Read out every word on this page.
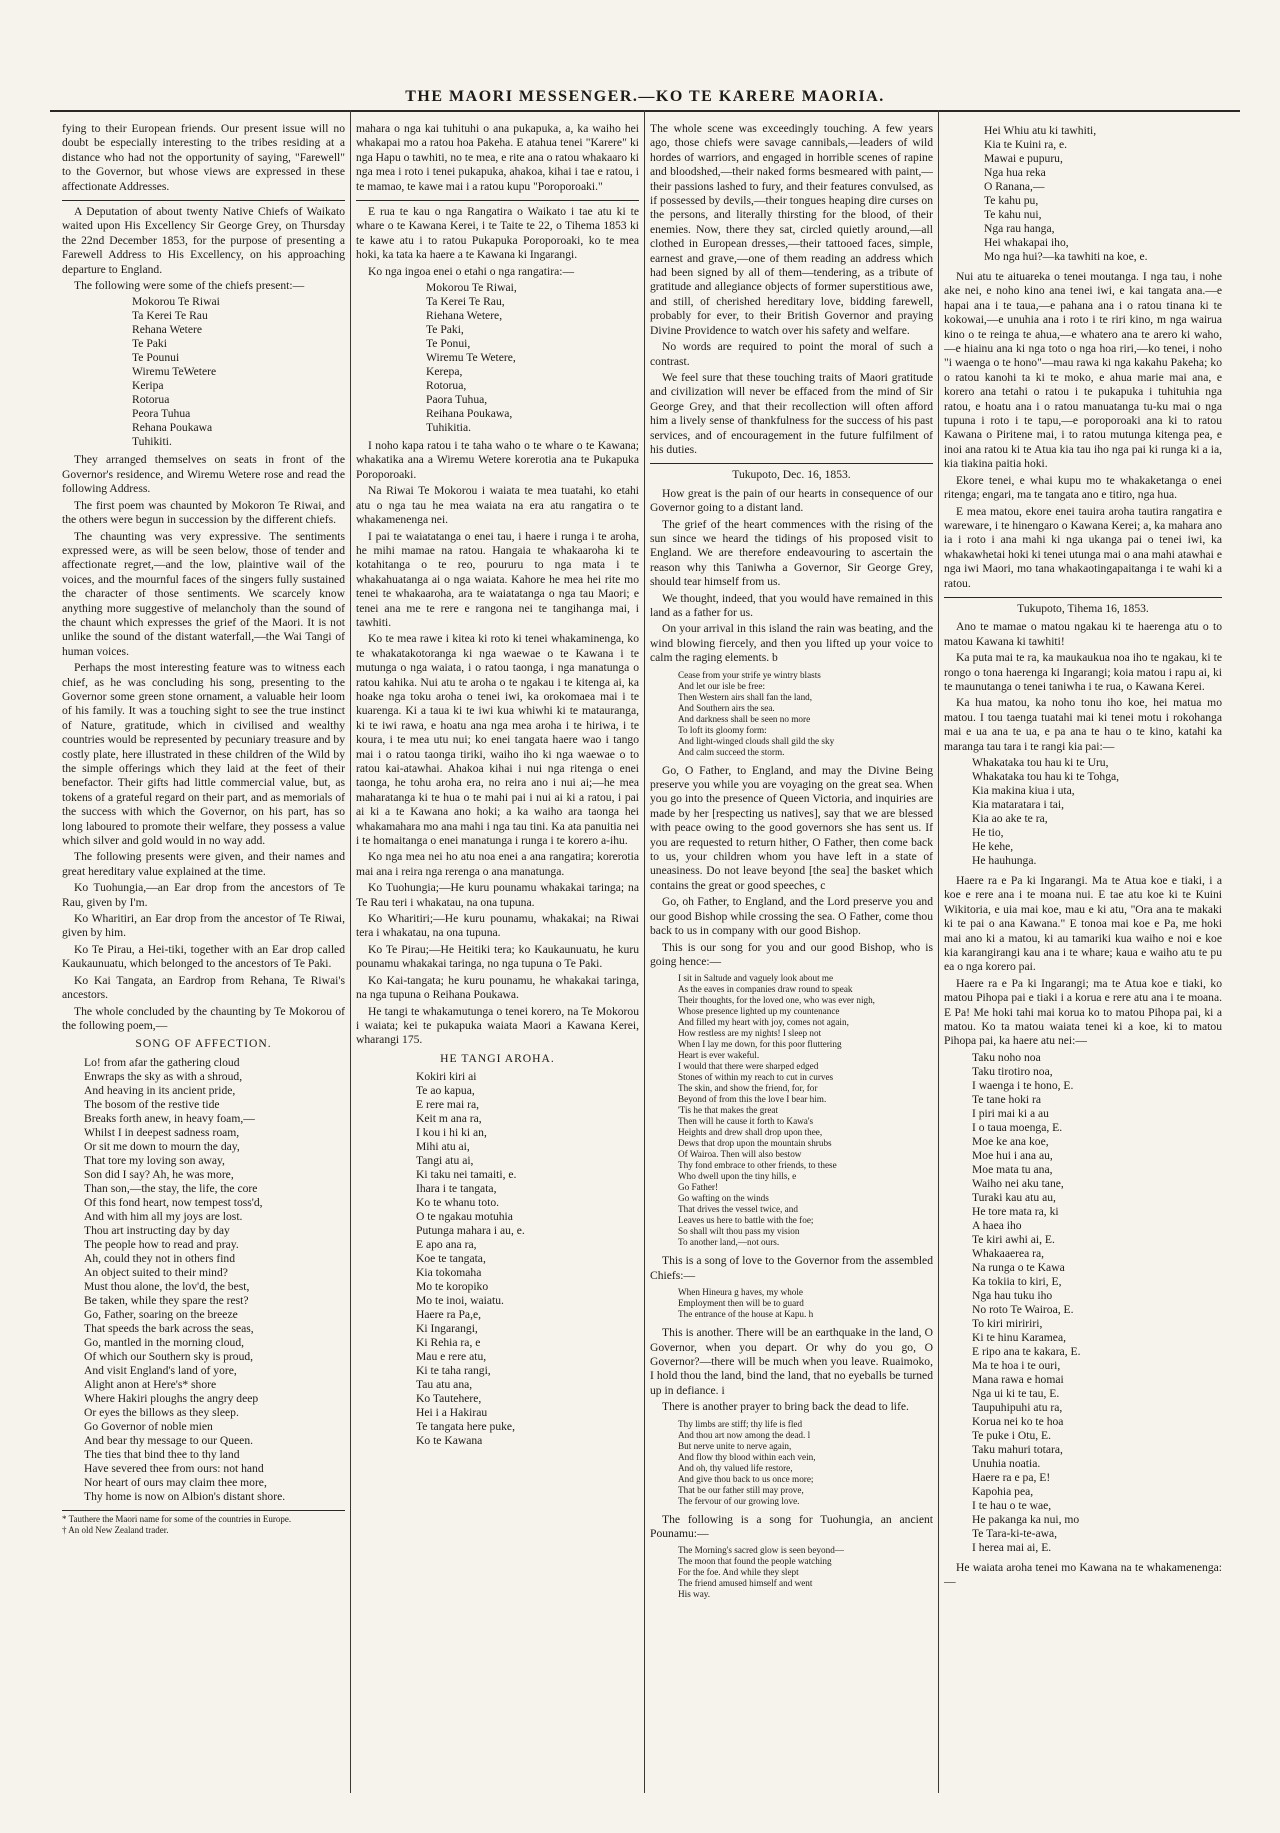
THE MAORI MESSENGER.—KO TE KARERE MAORIA.

fying to their European friends. Our present issue will no doubt be especially interesting to the tribes residing at a distance who had not the opportunity of saying, "Farewell" to the Governor, but whose views are expressed in these affectionate Addresses.

A Deputation of about twenty Native Chiefs of Waikato waited upon His Excellency Sir George Grey, on Thursday the 22nd December 1853, for the purpose of presenting a Farewell Address to His Excellency, on his approaching departure to England.

The following were some of the chiefs present:—

Mokorou Te Riwai
Ta Kerei Te Rau
Rehana Wetere
Te Paki
Te Pounui
Wiremu TeWetere
Keripa
Rotorua
Peora Tuhua
Rehana Poukawa
Tuhikiti.

They arranged themselves on seats in front of the Governor's residence, and Wiremu Wetere rose and read the following Address.

The first poem was chaunted by Mokoron Te Riwai, and the others were begun in succession by the different chiefs.

The chaunting was very expressive. The sentiments expressed were, as will be seen below, those of tender and affectionate regret,—and the low, plaintive wail of the voices, and the mournful faces of the singers fully sustained the character of those sentiments. We scarcely know anything more suggestive of melancholy than the sound of the chaunt which expresses the grief of the Maori. It is not unlike the sound of the distant waterfall,—the Wai Tangi of human voices.

Perhaps the most interesting feature was to witness each chief, as he was concluding his song, presenting to the Governor some green stone ornament, a valuable heir loom of his family. It was a touching sight to see the true instinct of Nature, gratitude, which in civilised and wealthy countries would be represented by pecuniary treasure and by costly plate, here illustrated in these children of the Wild by the simple offerings which they laid at the feet of their benefactor. Their gifts had little commercial value, but, as tokens of a grateful regard on their part, and as memorials of the success with which the Governor, on his part, has so long laboured to promote their welfare, they possess a value which silver and gold would in no way add.

The following presents were given, and their names and great hereditary value explained at the time.

Ko Tuohungia,—an Ear drop from the ancestors of Te Rau, given by I'm.

Ko Wharitiri, an Ear drop from the ancestor of Te Riwai, given by him.

Ko Te Pirau, a Hei-tiki, together with an Ear drop called Kaukaunuatu, which belonged to the ancestors of Te Paki.

Ko Kai Tangata, an Eardrop from Rehana, Te Riwai's ancestors.

The whole concluded by the chaunting by Te Mokorou of the following poem,—

SONG OF AFFECTION.
Lo! from afar the gathering cloud
Enwraps the sky as with a shroud,
And heaving in its ancient pride,
The bosom of the restive tide
Breaks forth anew, in heavy foam,—
Whilst I in deepest sadness roam,
Or sit me down to mourn the day,
That tore my loving son away,
Son did I say? Ah, he was more,
Than son,—the stay, the life, the core
Of this fond heart, now tempest toss'd,
And with him all my joys are lost.
Thou art instructing day by day
The people how to read and pray.
Ah, could they not in others find
An object suited to their mind?
Must thou alone, the lov'd, the best,
Be taken, while they spare the rest?
Go, Father, soaring on the breeze
That speeds the bark across the seas,
Go, mantled in the morning cloud,
Of which our Southern sky is proud,
And visit England's land of yore,
Alight anon at Here's* shore
Where Hakiri ploughs the angry deep
Or eyes the billows as they sleep.
Go Governor of noble mien
And bear thy message to our Queen.
The ties that bind thee to thy land
Have severed thee from ours: not hand
Nor heart of ours may claim thee more,
Thy home is now on Albion's distant shore.
* Tauthere the Maori name for some of the countries in Europe.
† An old New Zealand trader.

mahara o nga kai tuhituhi o ana pukapuka, a, ka waiho hei whakapai mo a ratou hoa Pakeha. E atahua tenei "Karere" ki nga Hapu o tawhiti, no te mea, e rite ana o ratou whakaaro ki nga mea i roto i tenei pukapuka, ahakoa, kihai i tae e ratou, i te mamao, te kawe mai i a ratou kupu "Poroporoaki."

E rua te kau o nga Rangatira o Waikato i tae atu ki te whare o te Kawana Kerei, i te Taite te 22, o Tihema 1853 ki te kawe atu i to ratou Pukapuka Poroporoaki, ko te mea hoki, ka tata ka haere a te Kawana ki Ingarangi.

Ko nga ingoa enei o etahi o nga rangatira:—

Mokorou Te Riwai,
Ta Kerei Te Rau,
Riehana Wetere,
Te Paki,
Te Ponui,
Wiremu Te Wetere,
Kerepa,
Rotorua,
Paora Tuhua,
Reihana Poukawa,
Tuhikitia.

I noho kapa ratou i te taha waho o te whare o te Kawana; whakatika ana a Wiremu Wetere korerotia ana te Pukapuka Poroporoaki.

Na Riwai Te Mokorou i waiata te mea tuatahi, ko etahi atu o nga tau he mea waiata na era atu rangatira o te whakamenenga nei.

I pai te waiatatanga o enei tau, i haere i runga i te aroha, he mihi mamae na ratou. Hangaia te whakaaroha ki te kotahitanga o te reo, poururu to nga mata i te whakahuatanga ai o nga waiata. Kahore he mea hei rite mo tenei te whakaaroha, ara te waiatatanga o nga tau Maori; e tenei ana me te rere e rangona nei te tangihanga mai, i tawhiti.

Ko te mea rawe i kitea ki roto ki tenei whakaminenga, ko te whakatakotoranga ki nga waewae o te Kawana i te mutunga o nga waiata, i o ratou taonga, i nga manatunga o ratou kahika. Nui atu te aroha o te ngakau i te kitenga ai, ka hoake nga toku aroha o tenei iwi, ka orokomaea mai i te kuarenga. Ki a taua ki te iwi kua whiwhi ki te matauranga, ki te iwi rawa, e hoatu ana nga mea aroha i te hiriwa, i te koura, i te mea utu nui; ko enei tangata haere wao i tango mai i o ratou taonga tiriki, waiho iho ki nga waewae o to ratou kai-atawhai. Ahakoa kihai i nui nga ritenga o enei taonga, he tohu aroha era, no reira ano i nui ai;—he mea maharatanga ki te hua o te mahi pai i nui ai ki a ratou, i pai ai ki a te Kawana ano hoki; a ka waiho ara taonga hei whakamahara mo ana mahi i nga tau tini. Ka ata panuitia nei i te homaitanga o enei manatunga i runga i te korero a-ihu.

Ko nga mea nei ho atu noa enei a ana rangatira; korerotia mai ana i reira nga rerenga o ana manatunga.

Ko Tuohungia;—He kuru pounamu whakakai taringa; na Te Rau teri i whakatau, na ona tupuna.

Ko Wharitiri;—He kuru pounamu, whakakai; na Riwai tera i whakatau, na ona tupuna.

Ko Te Pirau;—He Heitiki tera; ko Kaukaunuatu, he kuru pounamu whakakai taringa, no nga tupuna o Te Paki.

Ko Kai-tangata; he kuru pounamu, he whakakai taringa, na nga tupuna o Reihana Poukawa.

He tangi te whakamutunga o tenei korero, na Te Mokorou i waiata; kei te pukapuka waiata Maori a Kawana Kerei, wharangi 175.

HE TANGI AROHA.
Kokiri kiri ai
Te ao kapua,
E rere mai ra,
Keit m ana ra,
I kou i hi ki an,
Mihi atu ai,
Tangi atu ai,
Ki taku nei tamaiti, e.
Ihara i te tangata,
Ko te whanu toto.
O te ngakau motuhia
Putunga mahara i au, e.
E apo ana ra,
Koe te tangata,
Kia tokomaha
Mo te koropiko
Mo te inoi, waiatu.
Haere ra Pa,e,
Ki Ingarangi,
Ki Rehia ra, e
Mau e rere atu,
Ki te taha rangi,
Tau atu ana,
Ko Tautehere,
Hei i a Hakirau
Te tangata here puke,
Ko te Kawana

The whole scene was exceedingly touching. A few years ago, those chiefs were savage cannibals,—leaders of wild hordes of warriors, and engaged in horrible scenes of rapine and bloodshed,—their naked forms besmeared with paint,—their passions lashed to fury, and their features convulsed, as if possessed by devils,—their tongues heaping dire curses on the persons, and literally thirsting for the blood, of their enemies. Now, there they sat, circled quietly around,—all clothed in European dresses,—their tattooed faces, simple, earnest and grave,—one of them reading an address which had been signed by all of them—tendering, as a tribute of gratitude and allegiance objects of former superstitious awe, and still, of cherished hereditary love, bidding farewell, probably for ever, to their British Governor and praying Divine Providence to watch over his safety and welfare.

No words are required to point the moral of such a contrast.

We feel sure that these touching traits of Maori gratitude and civilization will never be effaced from the mind of Sir George Grey, and that their recollection will often afford him a lively sense of thankfulness for the success of his past services, and of encouragement in the future fulfilment of his duties.

Tukupoto, Dec. 16, 1853.

How great is the pain of our hearts in consequence of our Governor going to a distant land.

The grief of the heart commences with the rising of the sun since we heard the tidings of his proposed visit to England. We are therefore endeavouring to ascertain the reason why this Taniwha a Governor, Sir George Grey, should tear himself from us.

We thought, indeed, that you would have remained in this land as a father for us.

On your arrival in this island the rain was beating, and the wind blowing fiercely, and then you lifted up your voice to calm the raging elements. b

Cease from your strife ye wintry blasts
And let our isle be free:
Then Western airs shall fan the land,
And Southern airs the sea.
And darkness shall be seen no more
To loft its gloomy form:
And light-winged clouds shall gild the sky
And calm succeed the storm.

Go, O Father, to England, and may the Divine Being preserve you while you are voyaging on the great sea. When you go into the presence of Queen Victoria, and inquiries are made by her [respecting us natives], say that we are blessed with peace owing to the good governors she has sent us. If you are requested to return hither, O Father, then come back to us, your children whom you have left in a state of uneasiness. Do not leave beyond [the sea] the basket which contains the great or good speeches, c

Go, oh Father, to England, and the Lord preserve you and our good Bishop while crossing the sea. O Father, come thou back to us in company with our good Bishop.

This is our song for you and our good Bishop, who is going hence:—

I sit in Saltude and vaguely look about me
As the eaves in companies draw round to speak
Their thoughts, for the loved one, who was ever nigh,
Whose presence lighted up my countenance
And filled my heart with joy, comes not again,
How restless are my nights! I sleep not
When I lay me down, for this poor fluttering
Heart is ever wakeful.
I would that there were sharped edged
Stones of within my reach to cut in curves
The skin, and show the friend, for, for
Beyond of from this the love I bear him.
'Tis he that makes the great
Then will he cause it forth to Kawa's
Heights and drew shall drop upon thee,
Dews that drop upon the mountain shrubs
Of Wairoa. Then will also bestow
Thy fond embrace to other friends, to these
Who dwell upon the tiny hills, e
Go Father!
Go wafting on the winds
That drives the vessel twice, and
Leaves us here to battle with the foe;
So shall wilt thou pass my vision
To another land,—not ours.

This is a song of love to the Governor from the assembled Chiefs:—

When Hineura g haves, my whole
Employment then will be to guard
The entrance of the house at Kapu. h

This is another. There will be an earthquake in the land, O Governor, when you depart. Or why do you go, O Governor?—there will be much when you leave. Ruaimoko, I hold thou the land, bind the land, that no eyeballs be turned up in defiance. i

There is another prayer to bring back the dead to life.

Thy limbs are stiff; thy life is fled
And thou art now among the dead. l
But nerve unite to nerve again,
And flow thy blood within each vein,
And oh, thy valued life restore,
And give thou back to us once more;
That be our father still may prove,
The fervour of our growing love.

The following is a song for Tuohungia, an ancient Pounamu:—

The Morning's sacred glow is seen beyond—
The moon that found the people watching
For the foe. And while they slept
The friend amused himself and went
His way.
Hei Whiu atu ki tawhiti,
Kia te Kuini ra, e.
Mawai e pupuru,
Nga hua reka
O Ranana,—
Te kahu pu,
Te kahu nui,
Nga rau hanga,
Hei whakapai iho,
Mo nga hui?—ka tawhiti na koe, e.

Nui atu te aituareka o tenei moutanga. I nga tau, i nohe ake nei, e noho kino ana tenei iwi, e kai tangata ana.—e hapai ana i te taua,—e pahana ana i o ratou tinana ki te kokowai,—e unuhia ana i roto i te riri kino, m nga wairua kino o te reinga te ahua,—e whatero ana te arero ki waho,—e hiainu ana ki nga toto o nga hoa riri,—ko tenei, i noho "i waenga o te hono"—mau rawa ki nga kakahu Pakeha; ko o ratou kanohi ta ki te moko, e ahua marie mai ana, e korero ana tetahi o ratou i te pukapuka i tuhituhia nga ratou, e hoatu ana i o ratou manuatanga tu-ku mai o nga tupuna i roto i te tapu,—e poroporoaki ana ki to ratou Kawana o Piritene mai, i to ratou mutunga kitenga pea, e inoi ana ratou ki te Atua kia tau iho nga pai ki runga ki a ia, kia tiakina paitia hoki.

Ekore tenei, e whai kupu mo te whakaketanga o enei ritenga; engari, ma te tangata ano e titiro, nga hua.

E mea matou, ekore enei tauira aroha tautira rangatira e wareware, i te hinengaro o Kawana Kerei; a, ka mahara ano ia i roto i ana mahi ki nga ukanga pai o tenei iwi, ka whakawhetai hoki ki tenei utunga mai o ana mahi atawhai e nga iwi Maori, mo tana whakaotingapaitanga i te wahi ki a ratou.

Tukupoto, Tihema 16, 1853.

Ano te mamae o matou ngakau ki te haerenga atu o to matou Kawana ki tawhiti!

Ka puta mai te ra, ka maukaukua noa iho te ngakau, ki te rongo o tona haerenga ki Ingarangi; koia matou i rapu ai, ki te maunutanga o tenei taniwha i te rua, o Kawana Kerei.

Ka hua matou, ka noho tonu iho koe, hei matua mo matou. I tou taenga tuatahi mai ki tenei motu i rokohanga mai e ua ana te ua, e pa ana te hau o te kino, katahi ka maranga tau tara i te rangi kia pai:—

Whakataka tou hau ki te Uru,
Whakataka tou hau ki te Tohga,
Kia makina kiua i uta,
Kia mataratara i tai,
Kia ao ake te ra,
He tio,
He kehe,
He hauhunga.

Haere ra e Pa ki Ingarangi. Ma te Atua koe e tiaki, i a koe e rere ana i te moana nui. E tae atu koe ki te Kuini Wikitoria, e uia mai koe, mau e ki atu, "Ora ana te makaki ki te pai o ana Kawana." E tonoa mai koe e Pa, me hoki mai ano ki a matou, ki au tamariki kua waiho e noi e koe kia karangirangi kau ana i te whare; kaua e waiho atu te pu ea o nga korero pai.

Haere ra e Pa ki Ingarangi; ma te Atua koe e tiaki, ko matou Pihopa pai e tiaki i a korua e rere atu ana i te moana. E Pa! Me hoki tahi mai korua ko to matou Pihopa pai, ki a matou. Ko ta matou waiata tenei ki a koe, ki to matou Pihopa pai, ka haere atu nei:—

Taku noho noa
Taku tirotiro noa,
I waenga i te hono, E.
Te tane hoki ra
I piri mai ki a au
I o taua moenga, E.
Moe ke ana koe,
Moe hui i ana au,
Moe mata tu ana,
Waiho nei aku tane,
Turaki kau atu au,
He tore mata ra, ki
A haea iho
Te kiri awhi ai, E.
Whakaaerea ra,
Na runga o te Kawa
Ka tokiia to kiri, E,
Nga hau tuku iho
No roto Te Wairoa, E.
To kiri miririri,
Ki te hinu Karamea,
E ripo ana te kakara, E.
Ma te hoa i te ouri,
Mana rawa e homai
Nga ui ki te tau, E.
Taupuhipuhi atu ra,
Korua nei ko te hoa
Te puke i Otu, E.
Taku mahuri totara,
Unuhia noatia.
Haere ra e pa, E!
Kapohia pea,
I te hau o te wae,
He pakanga ka nui, mo
Te Tara-ki-te-awa,
I herea mai ai, E.

He waiata aroha tenei mo Kawana na te whakamenenga:—
